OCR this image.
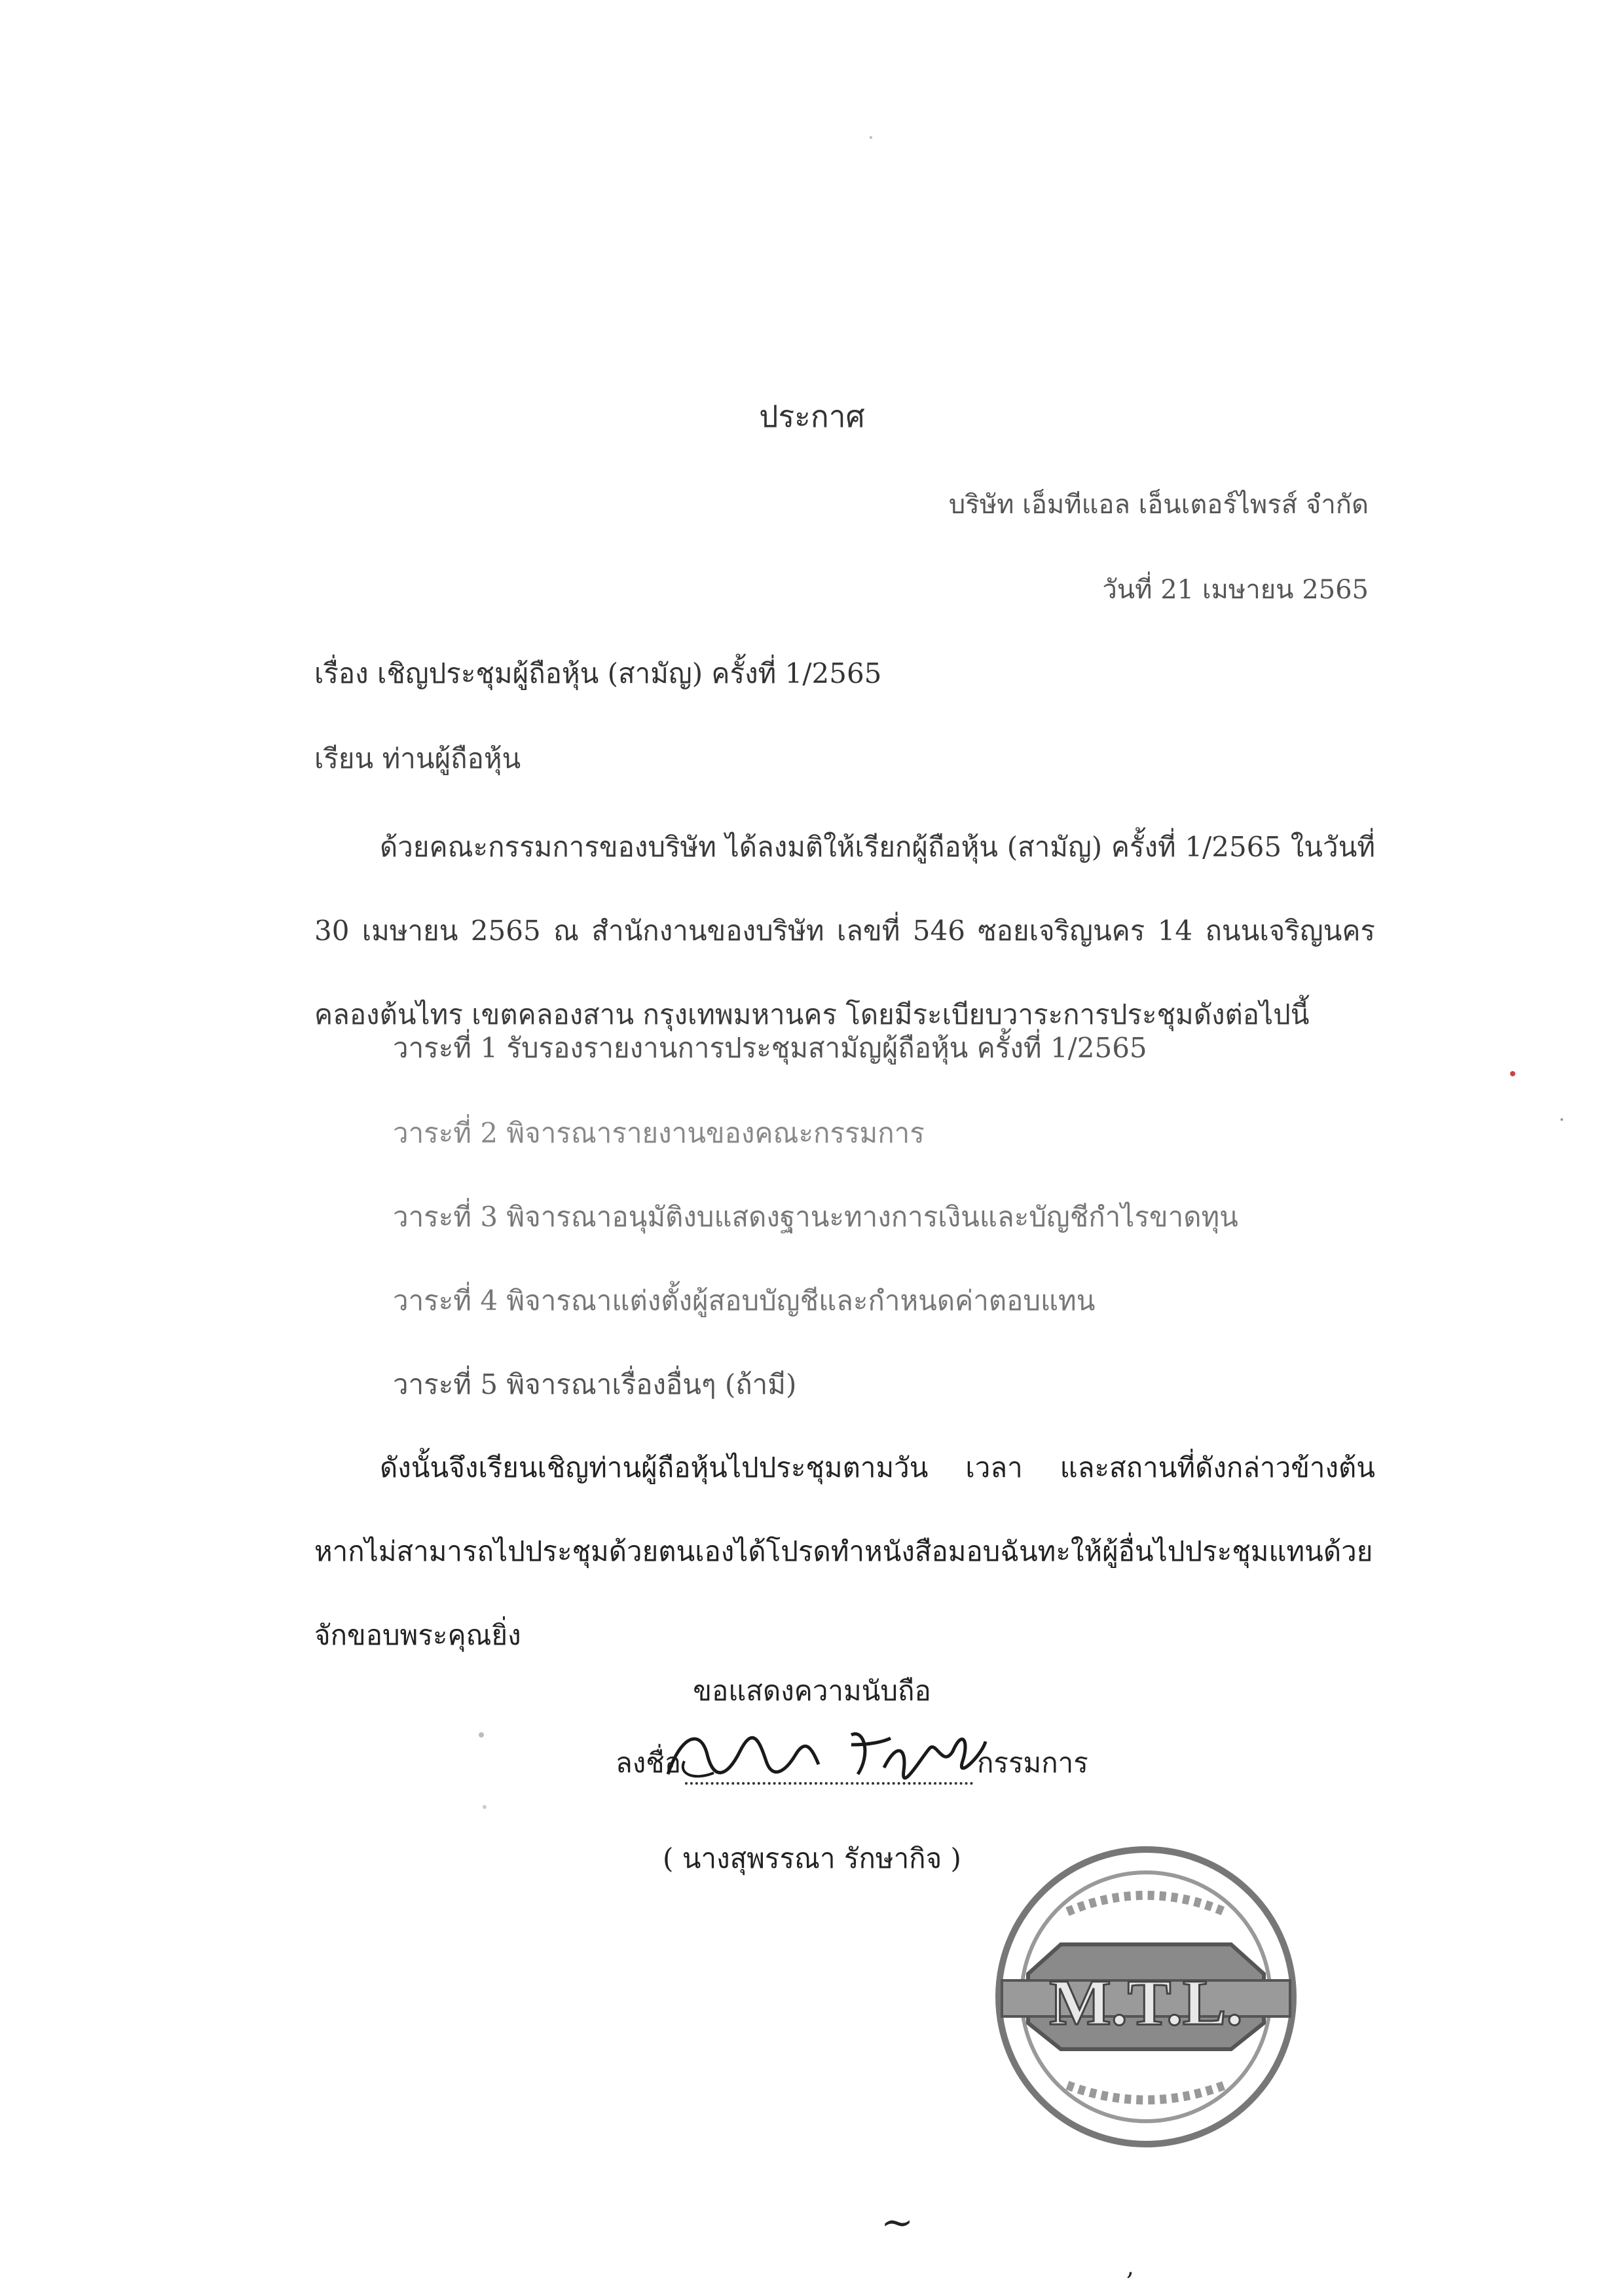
ประกาศ
บริษัท เอ็มทีแอล เอ็นเตอร์ไพรส์ จำกัด
วันที่ 21 เมษายน 2565
เรื่อง เชิญประชุมผู้ถือหุ้น (สามัญ) ครั้งที่ 1/2565
เรียน ท่านผู้ถือหุ้น
ด้วยคณะกรรมการของบริษัท ได้ลงมติให้เรียกผู้ถือหุ้น (สามัญ) ครั้งที่ 1/2565 ในวันที่ 30 เมษายน 2565 ณ สำนักงานของบริษัท เลขที่ 546 ซอยเจริญนคร 14 ถนนเจริญนคร คลองต้นไทร เขตคลองสาน กรุงเทพมหานคร โดยมีระเบียบวาระการประชุมดังต่อไปนี้
วาระที่ 1 รับรองรายงานการประชุมสามัญผู้ถือหุ้น ครั้งที่ 1/2565
วาระที่ 2 พิจารณารายงานของคณะกรรมการ
วาระที่ 3 พิจารณาอนุมัติงบแสดงฐานะทางการเงินและบัญชีกำไรขาดทุน
วาระที่ 4 พิจารณาแต่งตั้งผู้สอบบัญชีและกำหนดค่าตอบแทน
วาระที่ 5 พิจารณาเรื่องอื่นๆ (ถ้ามี)
ดังนั้นจึงเรียนเชิญท่านผู้ถือหุ้นไปประชุมตามวัน เวลา และสถานที่ดังกล่าวข้างต้น หากไม่สามารถไปประชุมด้วยตนเองได้โปรดทำหนังสือมอบฉันทะให้ผู้อื่นไปประชุมแทนด้วย จักขอบพระคุณยิ่ง
ขอแสดงความนับถือ
ลงชื่อ	กรรมการ
( นางสุพรรณา รักษากิจ )
M.T.L.
~
,
